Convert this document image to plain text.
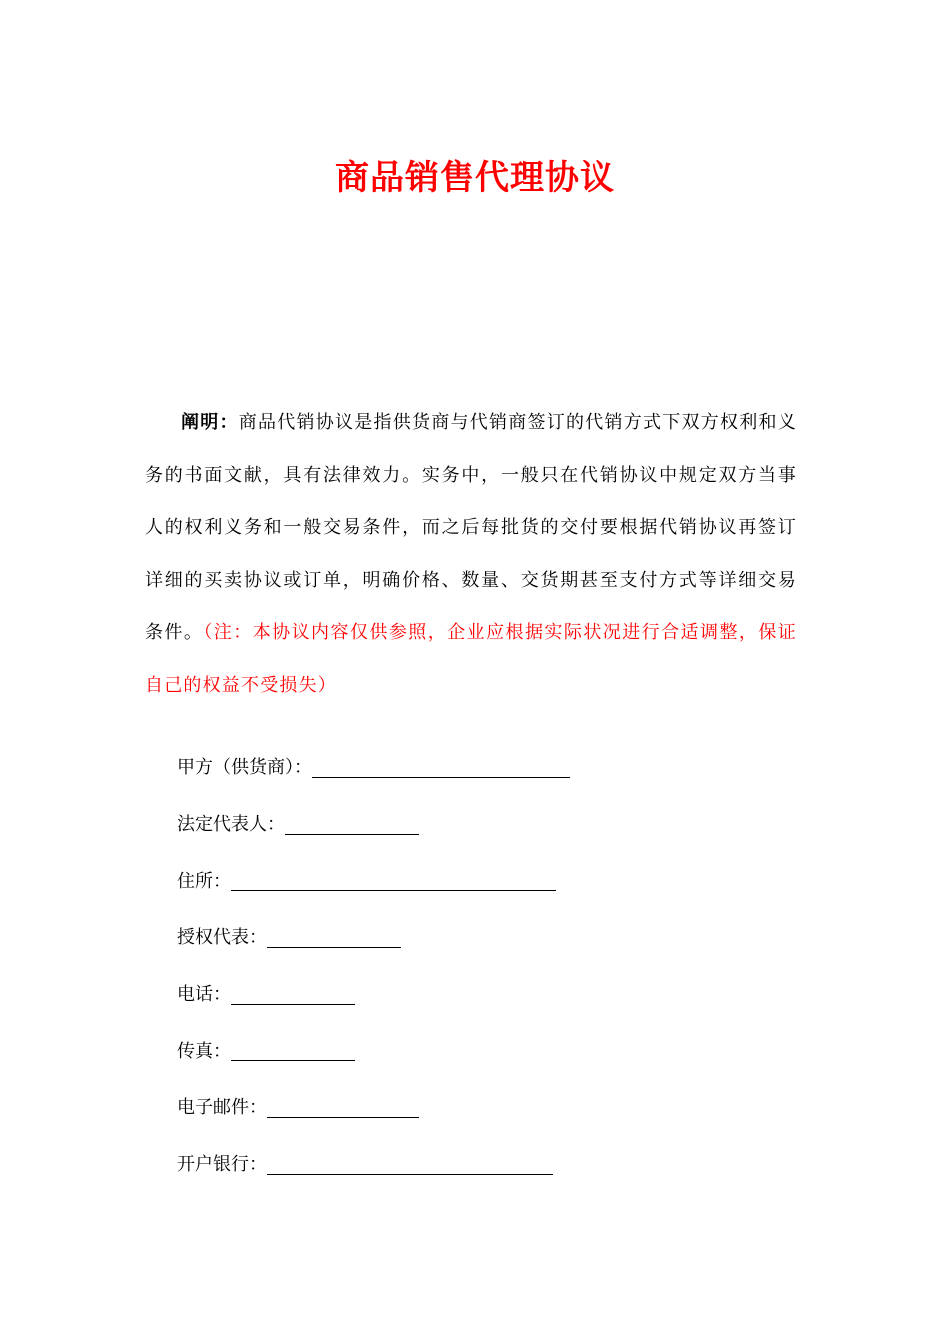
商品销售代理协议

阐明：商品代销协议是指供货商与代销商签订的代销方式下双方权利和义务的书面文献，具有法律效力。实务中，一般只在代销协议中规定双方当事人的权利义务和一般交易条件，而之后每批货的交付要根据代销协议再签订详细的买卖协议或订单，明确价格、数量、交货期甚至支付方式等详细交易条件。（注：本协议内容仅供参照，企业应根据实际状况进行合适调整，保证自己的权益不受损失）

甲方（供货商）：
法定代表人：
住所：
授权代表：
电话：
传真：
电子邮件：
开户银行：
